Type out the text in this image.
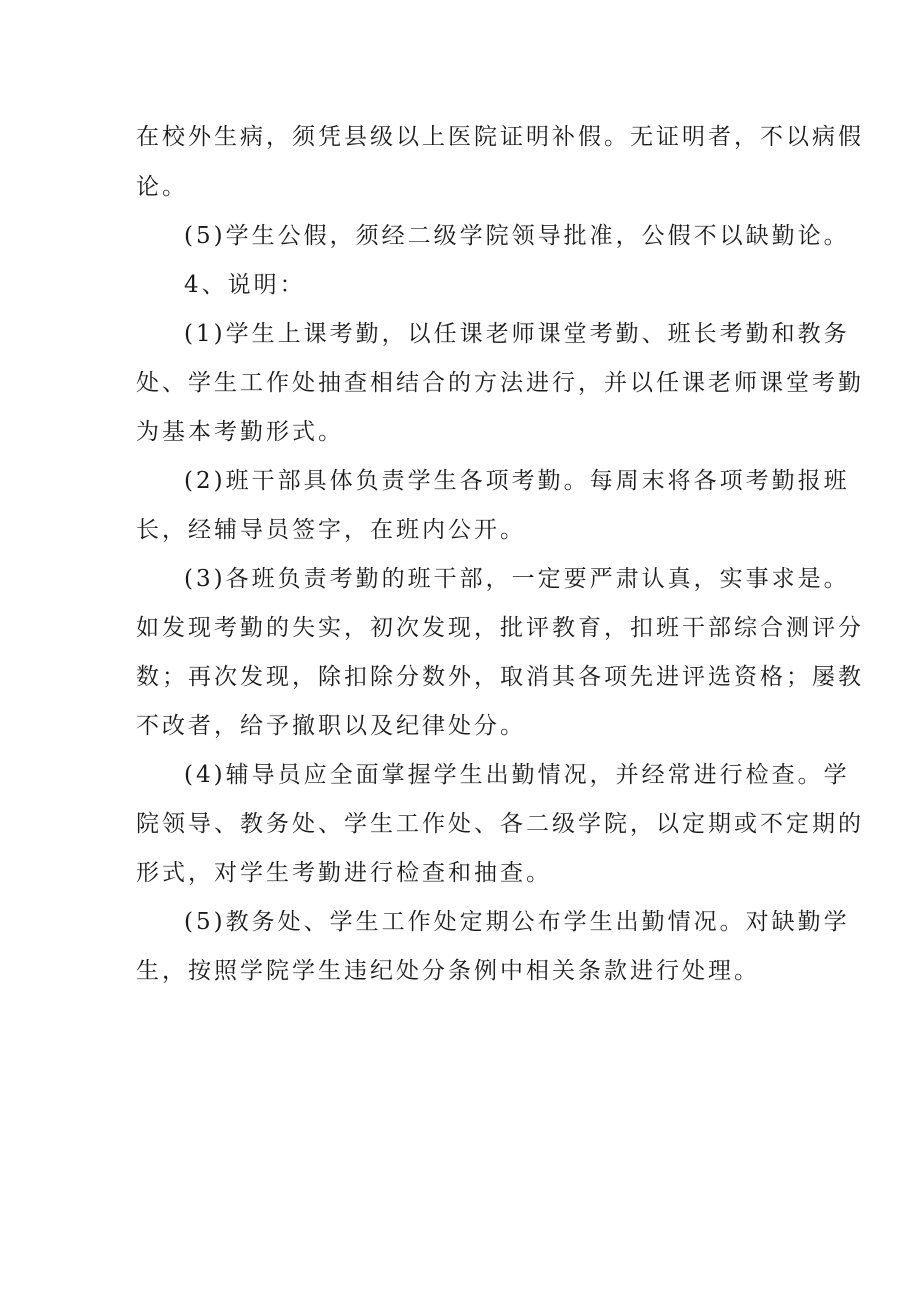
在校外生病，须凭县级以上医院证明补假。无证明者，不以病假
论。
(5)学生公假，须经二级学院领导批准，公假不以缺勤论。
4、说明：
(1)学生上课考勤，以任课老师课堂考勤、班长考勤和教务
处、学生工作处抽查相结合的方法进行，并以任课老师课堂考勤
为基本考勤形式。
(2)班干部具体负责学生各项考勤。每周末将各项考勤报班
长，经辅导员签字，在班内公开。
(3)各班负责考勤的班干部，一定要严肃认真，实事求是。
如发现考勤的失实，初次发现，批评教育，扣班干部综合测评分
数；再次发现，除扣除分数外，取消其各项先进评选资格；屡教
不改者，给予撤职以及纪律处分。
(4)辅导员应全面掌握学生出勤情况，并经常进行检查。学
院领导、教务处、学生工作处、各二级学院，以定期或不定期的
形式，对学生考勤进行检查和抽查。
(5)教务处、学生工作处定期公布学生出勤情况。对缺勤学
生，按照学院学生违纪处分条例中相关条款进行处理。
